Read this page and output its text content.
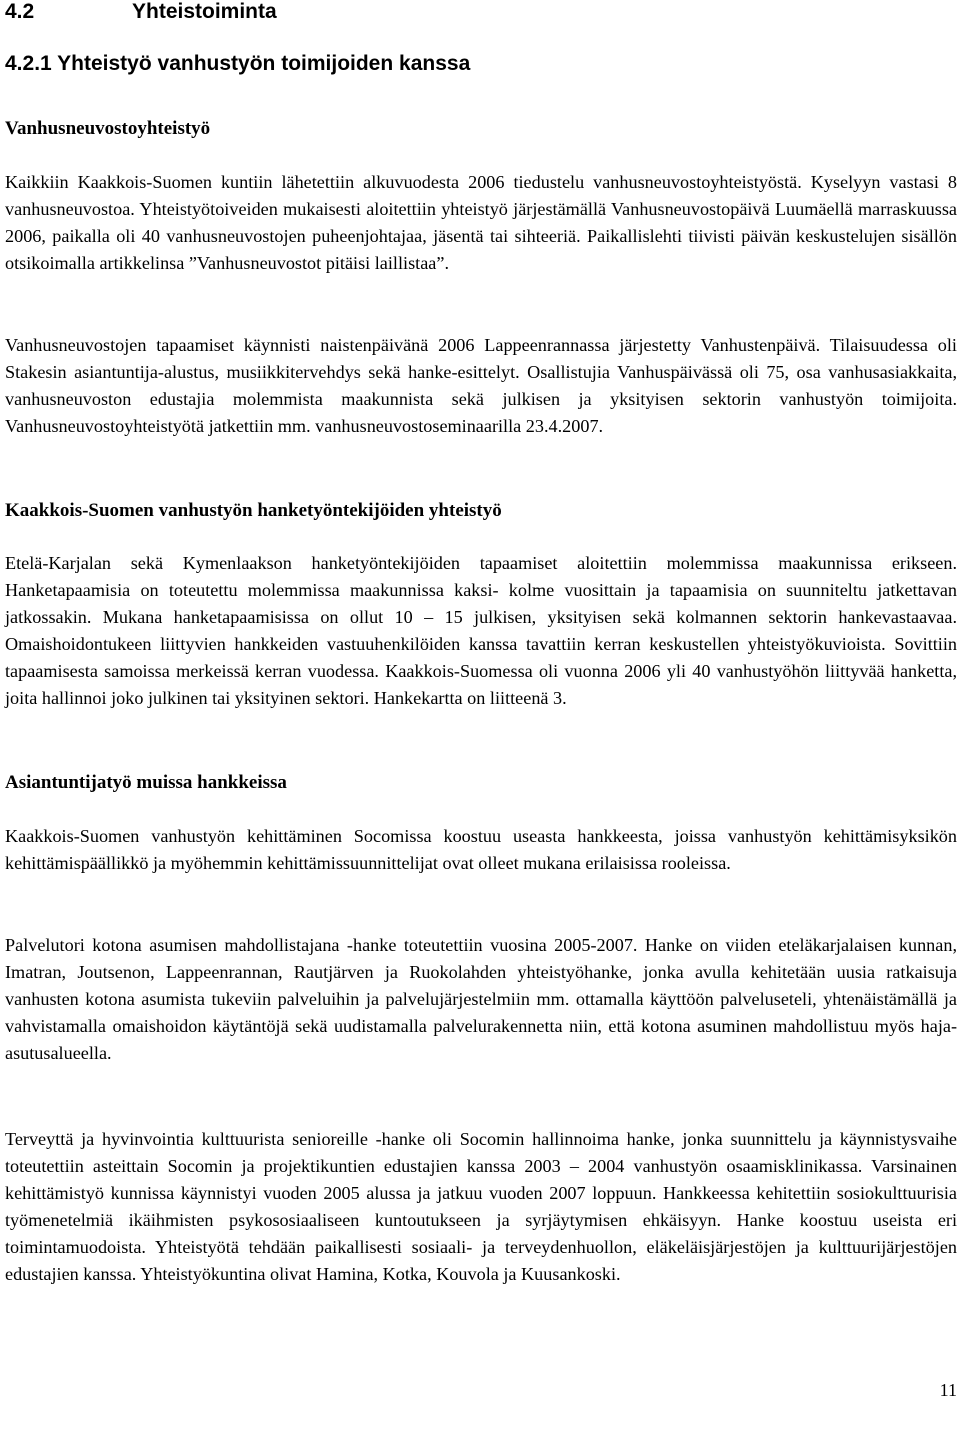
4.2	Yhteistoiminta
4.2.1 Yhteistyö vanhustyön toimijoiden kanssa
Vanhusneuvostoyhteistyö

Kaikkiin Kaakkois-Suomen kuntiin lähetettiin alkuvuodesta 2006 tiedustelu vanhusneuvostoyhteistyöstä. Kyselyyn vastasi 8 vanhusneuvostoa. Yhteistyötoiveiden mukaisesti aloitettiin yhteistyö järjestämällä Vanhusneuvostopäivä Luumäellä marraskuussa 2006, paikalla oli 40 vanhusneuvostojen puheenjohtajaa, jäsentä tai sihteeriä. Paikallislehti tiivisti päivän keskustelujen sisällön otsikoimalla artikkelinsa ”Vanhusneuvostot pitäisi laillistaa”.

Vanhusneuvostojen tapaamiset käynnisti naistenpäivänä 2006 Lappeenrannassa järjestetty Vanhustenpäivä. Tilaisuudessa oli Stakesin asiantuntija-alustus, musiikkitervehdys sekä hanke-esittelyt. Osallistujia Vanhuspäivässä oli 75, osa vanhusasiakkaita, vanhusneuvoston edustajia molemmista maakunnista sekä julkisen ja yksityisen sektorin vanhustyön toimijoita. Vanhusneuvostoyhteistyötä jatkettiin mm. vanhusneuvostoseminaarilla 23.4.2007.

Kaakkois-Suomen vanhustyön hanketyöntekijöiden yhteistyö

Etelä-Karjalan sekä Kymenlaakson hanketyöntekijöiden tapaamiset aloitettiin molemmissa maakunnissa erikseen. Hanketapaamisia on toteutettu molemmissa maakunnissa kaksi- kolme vuosittain ja tapaamisia on suunniteltu jatkettavan jatkossakin. Mukana hanketapaamisissa on ollut 10 – 15 julkisen, yksityisen sekä kolmannen sektorin hankevastaavaa. Omaishoidontukeen liittyvien hankkeiden vastuuhenkilöiden kanssa tavattiin kerran keskustellen yhteistyökuvioista. Sovittiin tapaamisesta samoissa merkeissä kerran vuodessa. Kaakkois-Suomessa oli vuonna 2006 yli 40 vanhustyöhön liittyvää hanketta, joita hallinnoi joko julkinen tai yksityinen sektori. Hankekartta on liitteenä 3.

Asiantuntijatyö muissa hankkeissa

Kaakkois-Suomen vanhustyön kehittäminen Socomissa koostuu useasta hankkeesta, joissa vanhustyön kehittämisyksikön kehittämispäällikkö ja myöhemmin kehittämissuunnittelijat ovat olleet mukana erilaisissa rooleissa.

Palvelutori kotona asumisen mahdollistajana -hanke toteutettiin vuosina 2005-2007. Hanke on viiden eteläkarjalaisen kunnan, Imatran, Joutsenon, Lappeenrannan, Rautjärven ja Ruokolahden yhteistyöhanke, jonka avulla kehitetään uusia ratkaisuja vanhusten kotona asumista tukeviin palveluihin ja palvelujärjestelmiin mm. ottamalla käyttöön palveluseteli, yhtenäistämällä ja vahvistamalla omaishoidon käytäntöjä sekä uudistamalla palvelurakennetta niin, että kotona asuminen mahdollistuu myös haja-asutusalueella.

Terveyttä ja hyvinvointia kulttuurista senioreille -hanke oli Socomin hallinnoima hanke, jonka suunnittelu ja käynnistysvaihe toteutettiin asteittain Socomin ja projektikuntien edustajien kanssa 2003 – 2004 vanhustyön osaamisklinikassa. Varsinainen kehittämistyö kunnissa käynnistyi vuoden 2005 alussa ja jatkuu vuoden 2007 loppuun. Hankkeessa kehitettiin sosiokulttuurisia työmenetelmiä ikäihmisten psykososiaaliseen kuntoutukseen ja syrjäytymisen ehkäisyyn. Hanke koostuu useista eri toimintamuodoista. Yhteistyötä tehdään paikallisesti sosiaali- ja terveydenhuollon, eläkeläisjärjestöjen ja kulttuurijärjestöjen edustajien kanssa. Yhteistyökuntina olivat Hamina, Kotka, Kouvola ja Kuusankoski.

11
